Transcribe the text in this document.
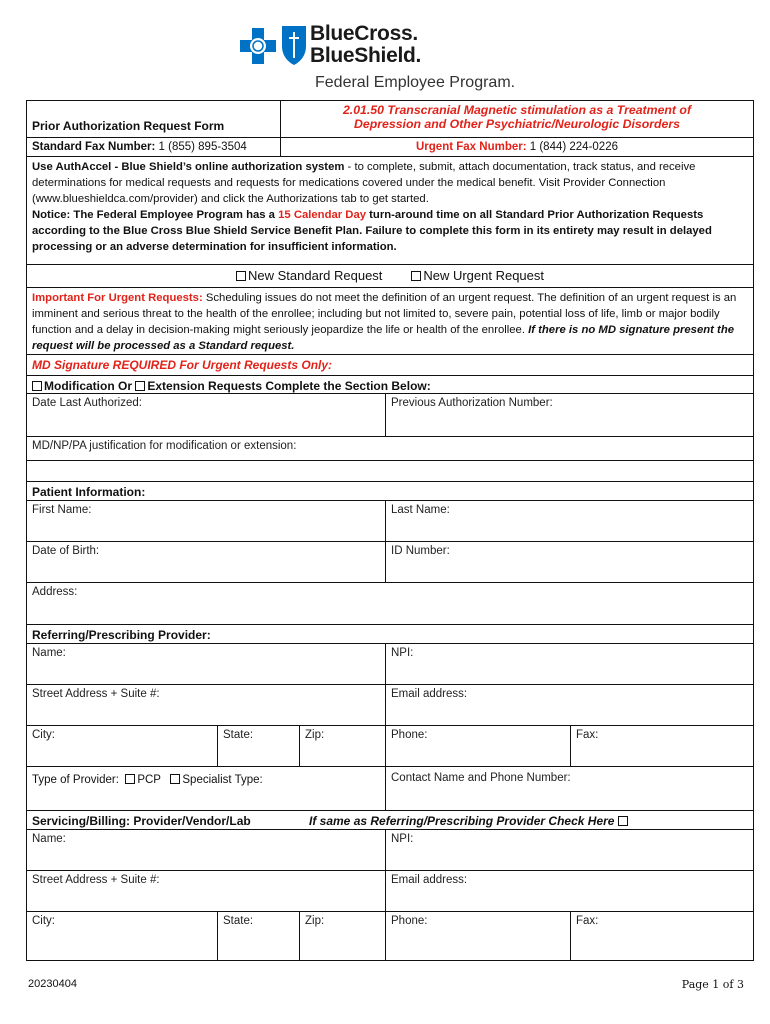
BlueCross.
BlueShield.
Federal Employee Program.
Prior Authorization Request Form
2.01.50 Transcranial Magnetic stimulation as a Treatment of
Depression and Other Psychiatric/Neurologic Disorders
Standard Fax Number: 1 (855) 895-3504	Urgent Fax Number: 1 (844) 224-0226
Use AuthAccel - Blue Shield’s online authorization system - to complete, submit, attach documentation, track status, and receive determinations for medical requests and requests for medications covered under the medical benefit. Visit Provider Connection (www.blueshieldca.com/provider) and click the Authorizations tab to get started.
Notice: The Federal Employee Program has a 15 Calendar Day turn-around time on all Standard Prior Authorization Requests according to the Blue Cross Blue Shield Service Benefit Plan. Failure to complete this form in its entirety may result in delayed processing or an adverse determination for insufficient information.
New Standard Request	New Urgent Request
Important For Urgent Requests: Scheduling issues do not meet the definition of an urgent request. The definition of an urgent request is an imminent and serious threat to the health of the enrollee; including but not limited to, severe pain, potential loss of life, limb or major bodily function and a delay in decision-making might seriously jeopardize the life or health of the enrollee. If there is no MD signature present the request will be processed as a Standard request.
MD Signature REQUIRED For Urgent Requests Only:
Modification Or Extension Requests Complete the Section Below:
Date Last Authorized:	Previous Authorization Number:
MD/NP/PA justification for modification or extension:
Patient Information:
First Name:	Last Name:
Date of Birth:	ID Number:
Address:
Referring/Prescribing Provider:
Name:	NPI:
Street Address + Suite #:	Email address:
City:	State:	Zip:	Phone:	Fax:
Type of Provider: PCP Specialist Type:	Contact Name and Phone Number:
Servicing/Billing: Provider/Vendor/Lab	If same as Referring/Prescribing Provider Check Here
Name:	NPI:
Street Address + Suite #:	Email address:
City:	State:	Zip:	Phone:	Fax:
20230404	Page 1 of 3
